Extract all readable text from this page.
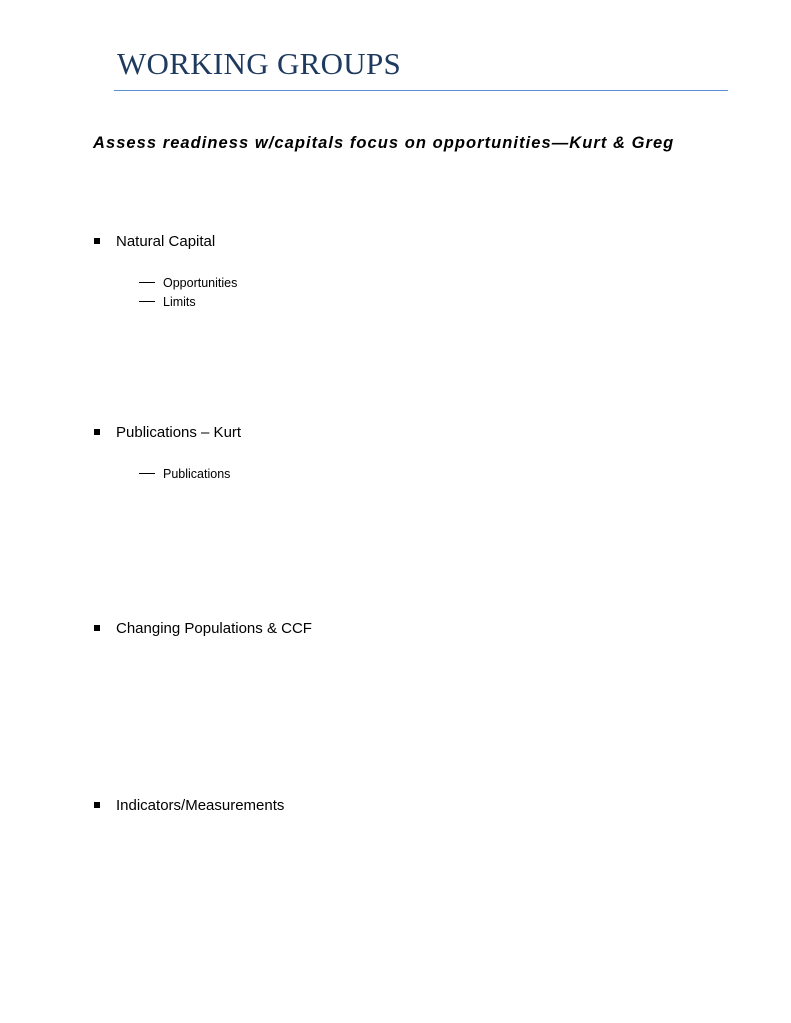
WORKING GROUPS
Assess readiness w/capitals focus on opportunities—Kurt & Greg
Natural Capital
Opportunities
Limits
Publications – Kurt
Publications
Changing Populations & CCF
Indicators/Measurements
